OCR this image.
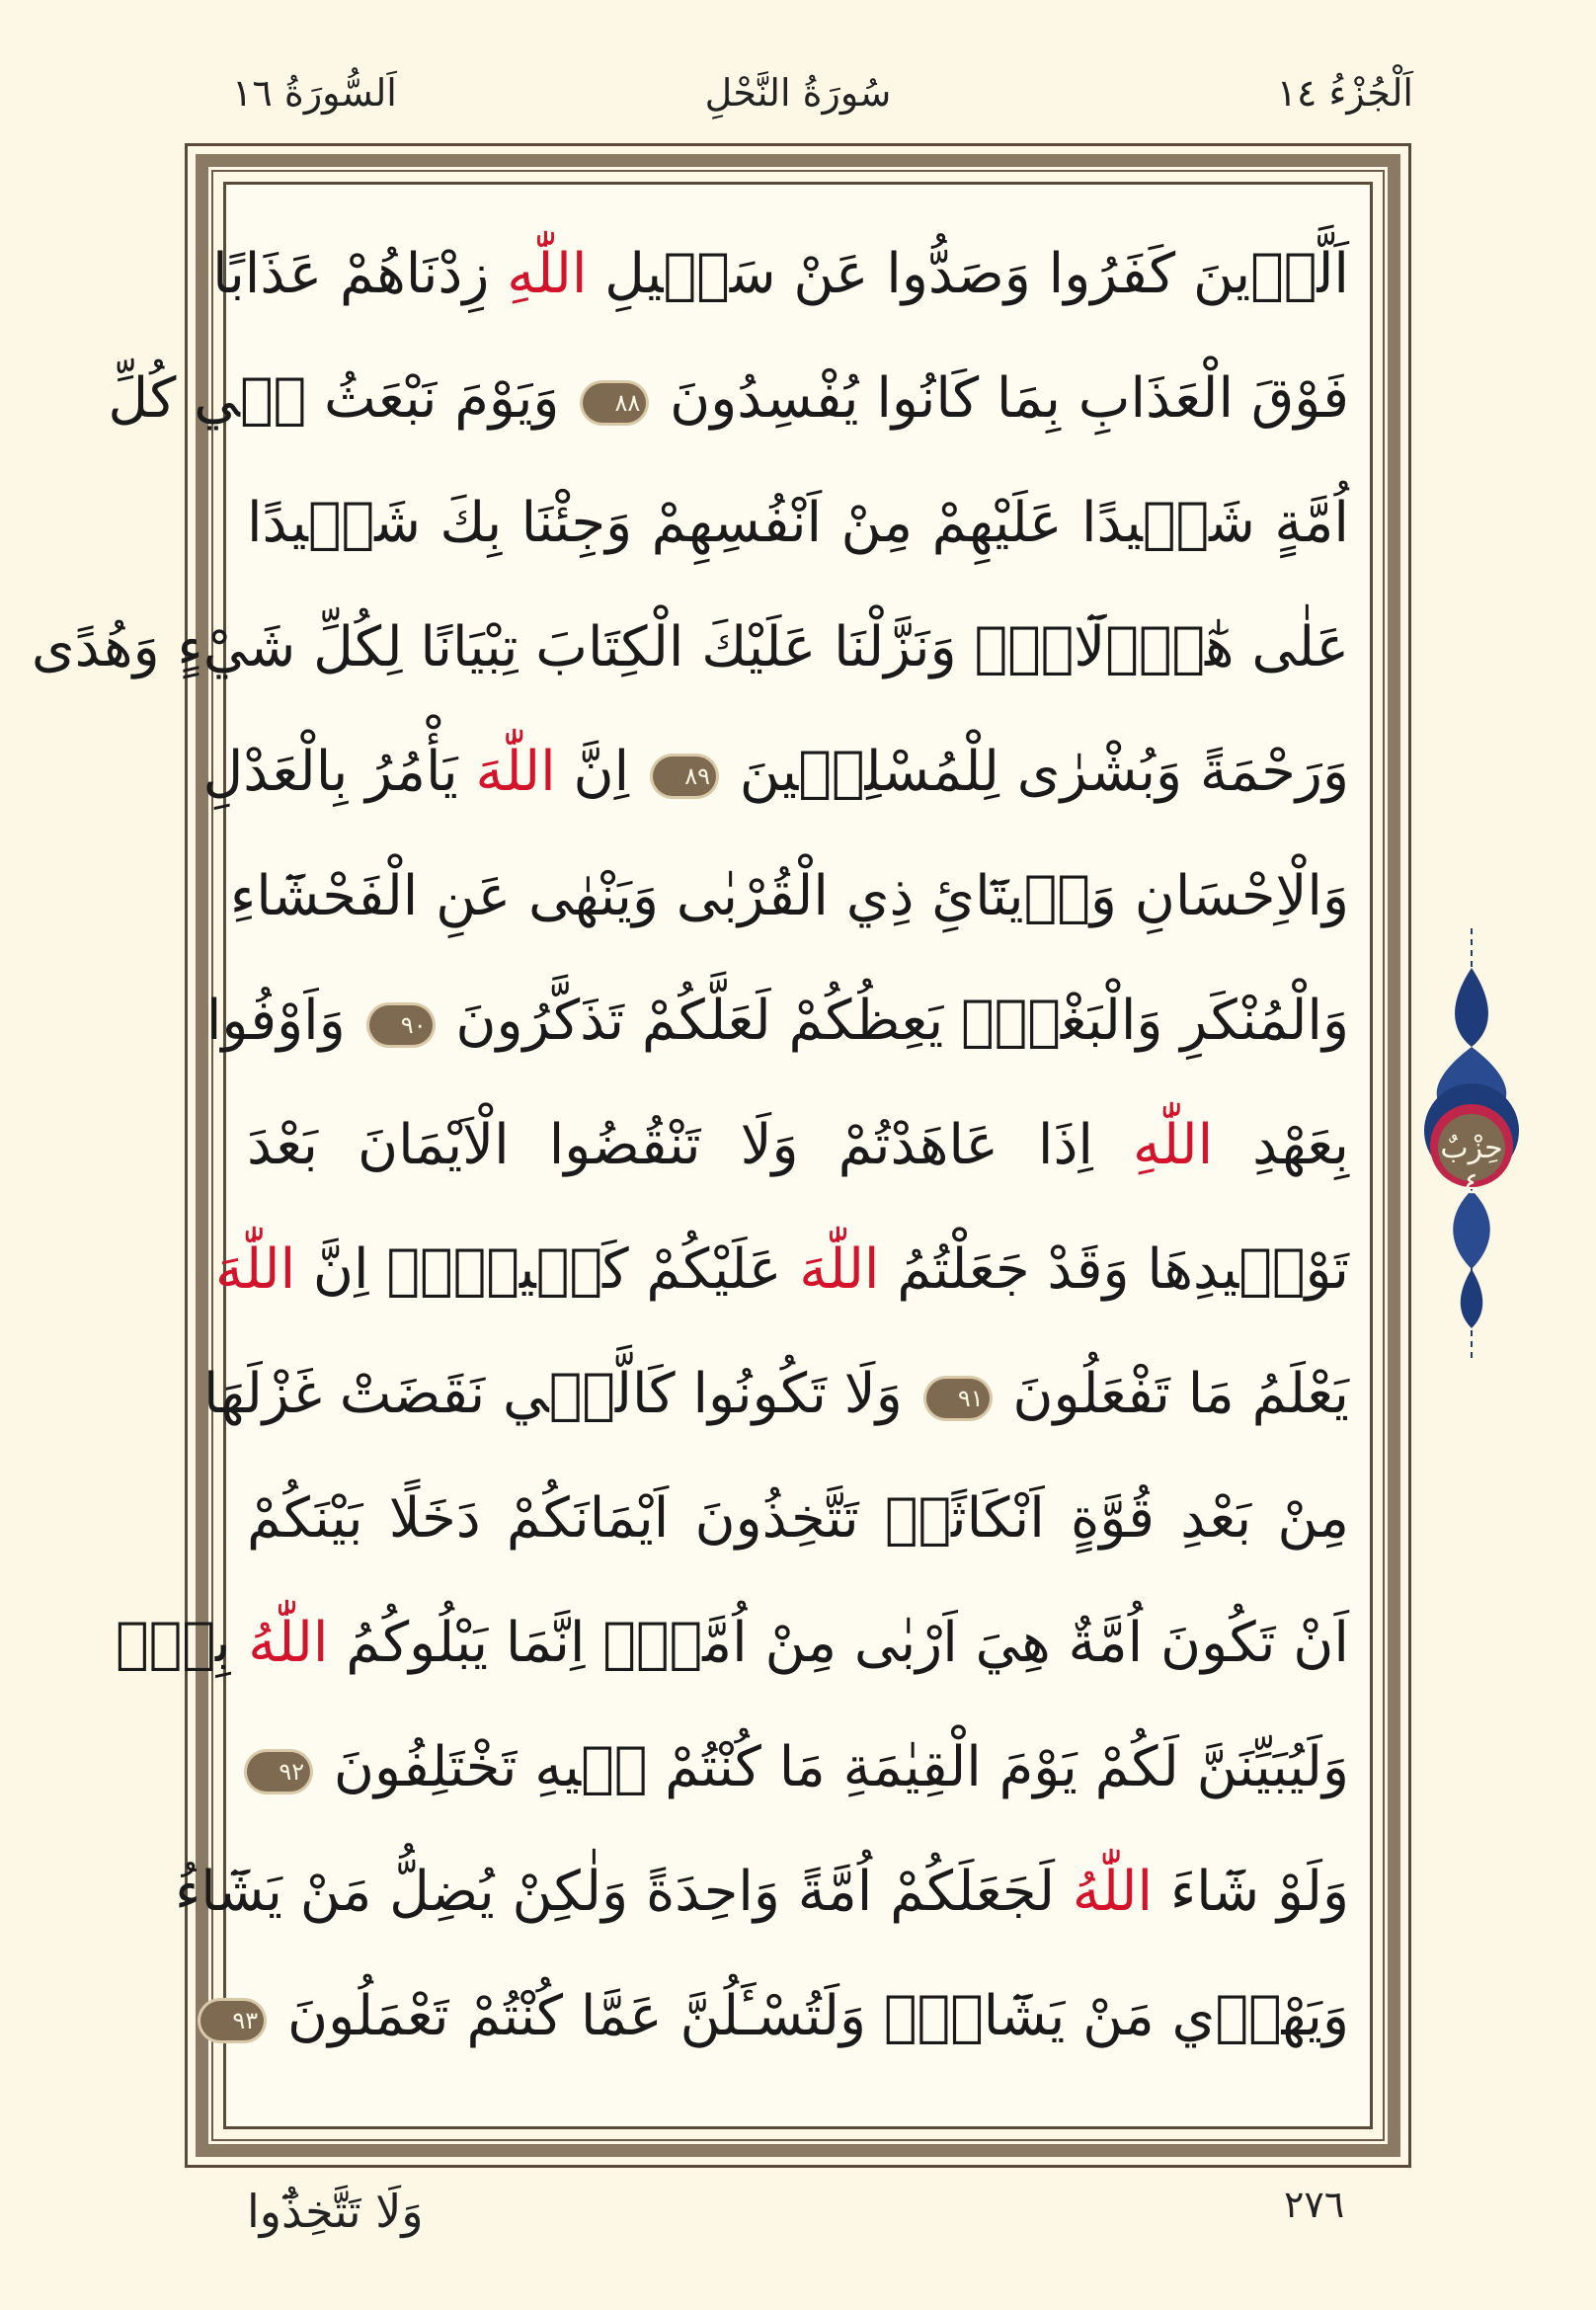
اَلْجُزْءُ ١٤
سُورَةُ النَّحْلِ
اَلسُّورَةُ ١٦
اَلَّذ۪ينَ كَفَرُوا وَصَدُّوا عَنْ سَب۪يلِ اللّٰهِ زِدْنَاهُمْ عَذَابًا
فَوْقَ الْعَذَابِ بِمَا كَانُوا يُفْسِدُونَ ٨٨ وَيَوْمَ نَبْعَثُ ف۪ي كُلِّ
اُمَّةٍ شَه۪يدًا عَلَيْهِمْ مِنْ اَنْفُسِهِمْ وَجِئْنَا بِكَ شَه۪يدًا
عَلٰى هٰٓؤُ۬لَٓاءِۜ وَنَزَّلْنَا عَلَيْكَ الْكِتَابَ تِبْيَانًا لِكُلِّ شَيْءٍ وَهُدًى
وَرَحْمَةً وَبُشْرٰى لِلْمُسْلِم۪ينَ ٨٩ اِنَّ اللّٰهَ يَأْمُرُ بِالْعَدْلِ
وَالْاِحْسَانِ وَا۪يتَٓائِ ذِي الْقُرْبٰى وَيَنْهٰى عَنِ الْفَحْشَٓاءِ
وَالْمُنْكَرِ وَالْبَغْيِۚ يَعِظُكُمْ لَعَلَّكُمْ تَذَكَّرُونَ ٩٠ وَاَوْفُوا
بِعَهْدِ اللّٰهِ اِذَا عَاهَدْتُمْ وَلَا تَنْقُضُوا الْاَيْمَانَ بَعْدَ
تَوْك۪يدِهَا وَقَدْ جَعَلْتُمُ اللّٰهَ عَلَيْكُمْ كَف۪يلًاۜ اِنَّ اللّٰهَ
يَعْلَمُ مَا تَفْعَلُونَ ٩١ وَلَا تَكُونُوا كَالَّت۪ي نَقَضَتْ غَزْلَهَا
مِنْ بَعْدِ قُوَّةٍ اَنْكَاثًاۜ تَتَّخِذُونَ اَيْمَانَكُمْ دَخَلًا بَيْنَكُمْ
اَنْ تَكُونَ اُمَّةٌ هِيَ اَرْبٰى مِنْ اُمَّةٍۜ اِنَّمَا يَبْلُوكُمُ اللّٰهُ بِه۪ۜ
وَلَيُبَيِّنَنَّ لَكُمْ يَوْمَ الْقِيٰمَةِ مَا كُنْتُمْ ف۪يهِ تَخْتَلِفُونَ ٩٢
وَلَوْ شَٓاءَ اللّٰهُ لَجَعَلَكُمْ اُمَّةً وَاحِدَةً وَلٰكِنْ يُضِلُّ مَنْ يَشَٓاءُ
وَيَهْد۪ي مَنْ يَشَٓاءُۜ وَلَتُسْـَٔلُنَّ عَمَّا كُنْتُمْ تَعْمَلُونَ ٩٣
حِزْبٌ
٤
٢٧٦
وَلَا تَتَّخِذُٓوا
